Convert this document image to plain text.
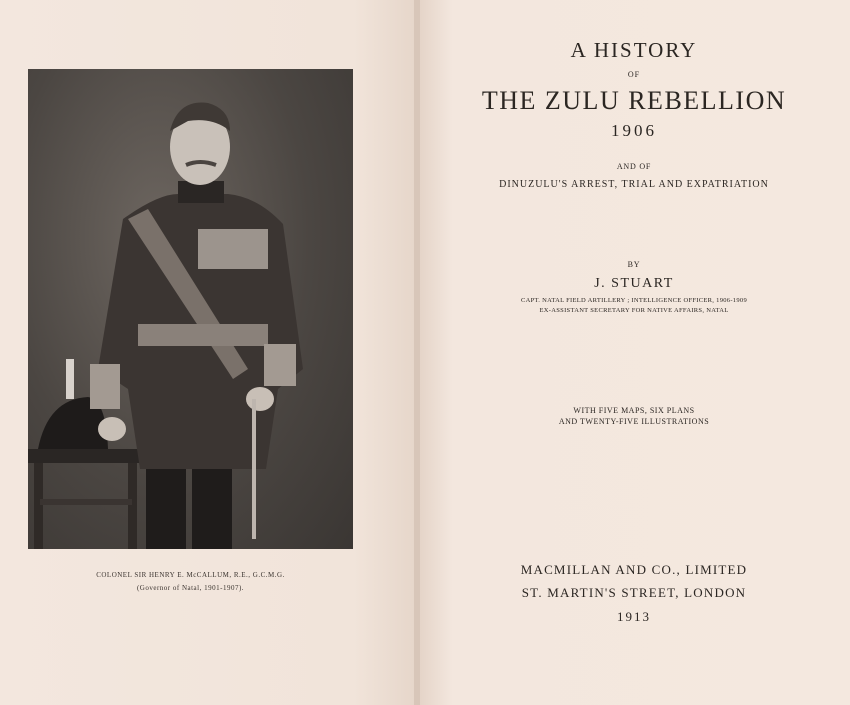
COLONEL SIR HENRY E. McCALLUM, R.E., G.C.M.G.
(Governor of Natal, 1901-1907).
A HISTORY
OF
THE ZULU REBELLION
1906
AND OF
DINUZULU'S ARREST, TRIAL AND EXPATRIATION
BY
J. STUART
CAPT. NATAL FIELD ARTILLERY ; INTELLIGENCE OFFICER, 1906-1909
EX-ASSISTANT SECRETARY FOR NATIVE AFFAIRS, NATAL
WITH FIVE MAPS, SIX PLANS
AND TWENTY-FIVE ILLUSTRATIONS
MACMILLAN AND CO., LIMITED
ST. MARTIN'S STREET, LONDON
1913
